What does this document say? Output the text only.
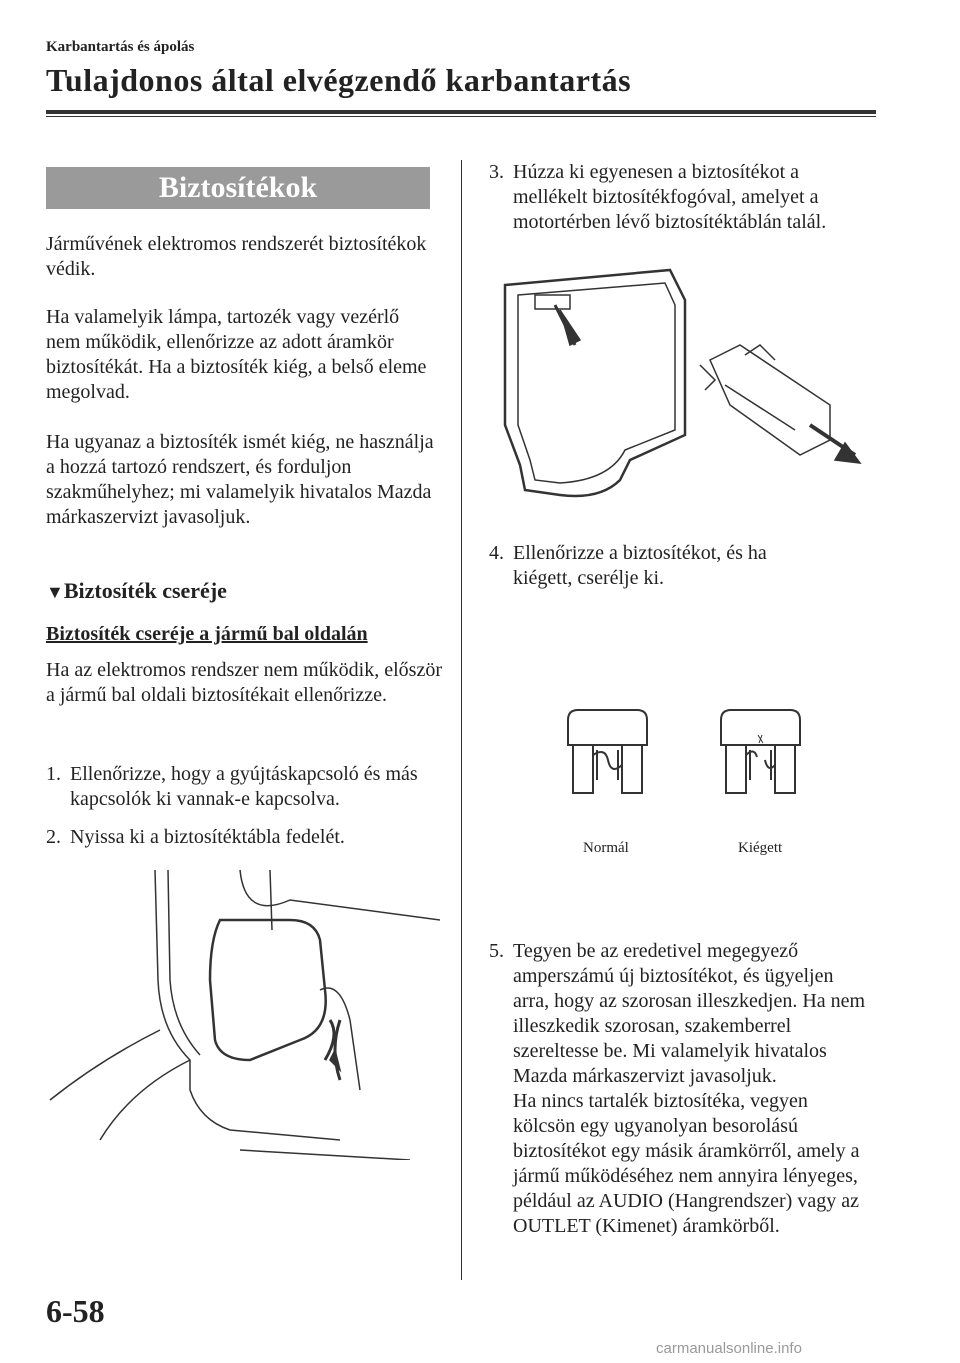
Karbantartás és ápolás
Tulajdonos által elvégzendő karbantartás
Biztosítékok
Járművének elektromos rendszerét biztosítékok védik.
Ha valamelyik lámpa, tartozék vagy vezérlő nem működik, ellenőrizze az adott áramkör biztosítékát. Ha a biztosíték kiég, a belső eleme megolvad.
Ha ugyanaz a biztosíték ismét kiég, ne használja a hozzá tartozó rendszert, és forduljon szakműhelyhez; mi valamelyik hivatalos Mazda márkaszervizt javasoljuk.
▼Biztosíték cseréje
Biztosíték cseréje a jármű bal oldalán
Ha az elektromos rendszer nem működik, először a jármű bal oldali biztosítékait ellenőrizze.
1. Ellenőrizze, hogy a gyújtáskapcsoló és más kapcsolók ki vannak-e kapcsolva.
2. Nyissa ki a biztosítéktábla fedelét.
3. Húzza ki egyenesen a biztosítékot a mellékelt biztosítékfogóval, amelyet a motortérben lévő biztosítéktáblán talál.
4. Ellenőrizze a biztosítékot, és ha kiégett, cserélje ki.
Normál	Kiégett
5. Tegyen be az eredetivel megegyező amperszámú új biztosítékot, és ügyeljen arra, hogy az szorosan illeszkedjen. Ha nem illeszkedik szorosan, szakemberrel szereltesse be. Mi valamelyik hivatalos Mazda márkaszervizt javasoljuk.
Ha nincs tartalék biztosítéka, vegyen kölcsön egy ugyanolyan besorolású biztosítékot egy másik áramkörről, amely a jármű működéséhez nem annyira lényeges, például az AUDIO (Hangrendszer) vagy az OUTLET (Kimenet) áramkörből.
6-58
carmanualsonline.info
